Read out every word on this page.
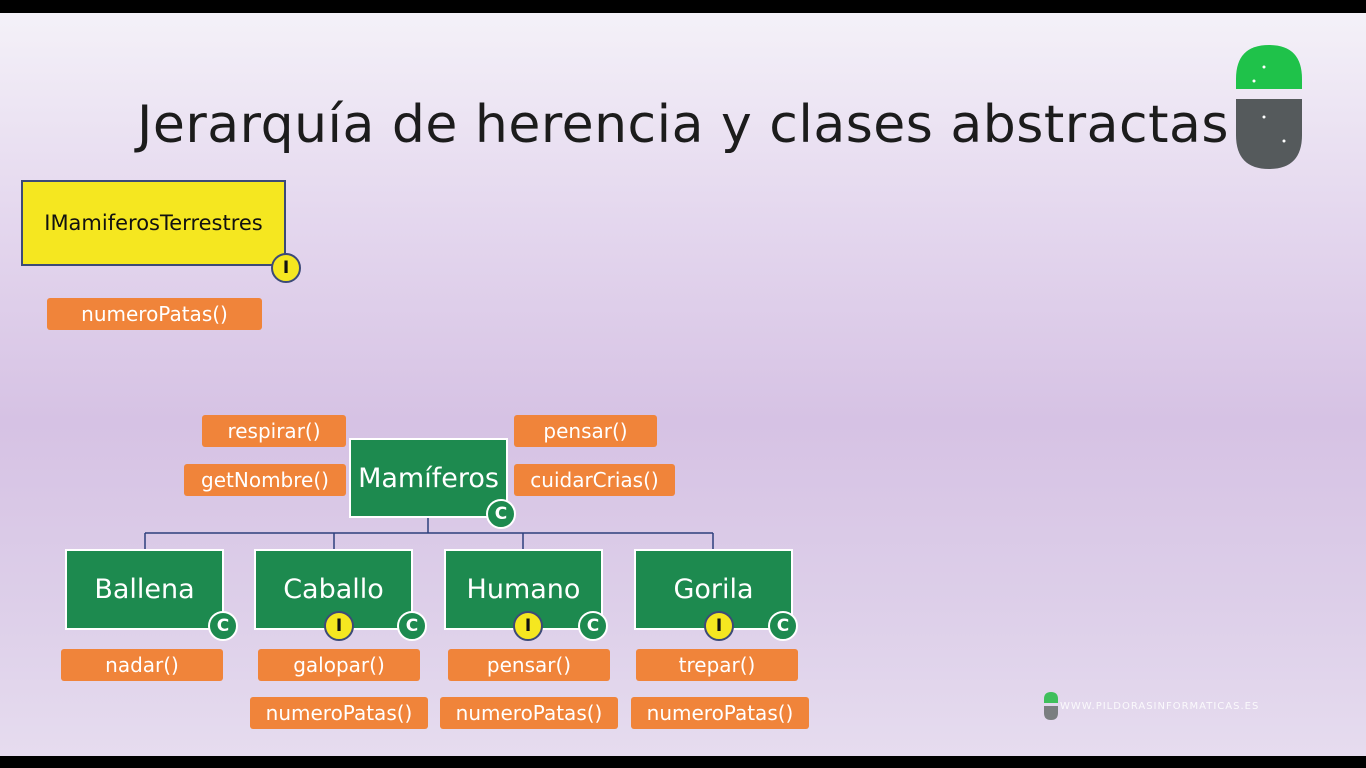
Jerarquía de herencia y clases abstractas
IMamiferosTerrestres
I
numeroPatas()
respirar()
getNombre()
pensar()
cuidarCrias()
Mamíferos
C
Ballena
C
nadar()
Caballo
I	C
galopar()
numeroPatas()
Humano
I	C
pensar()
numeroPatas()
Gorila
I	C
trepar()
numeroPatas()	WWW.PILDORASINFORMATICAS.ES
